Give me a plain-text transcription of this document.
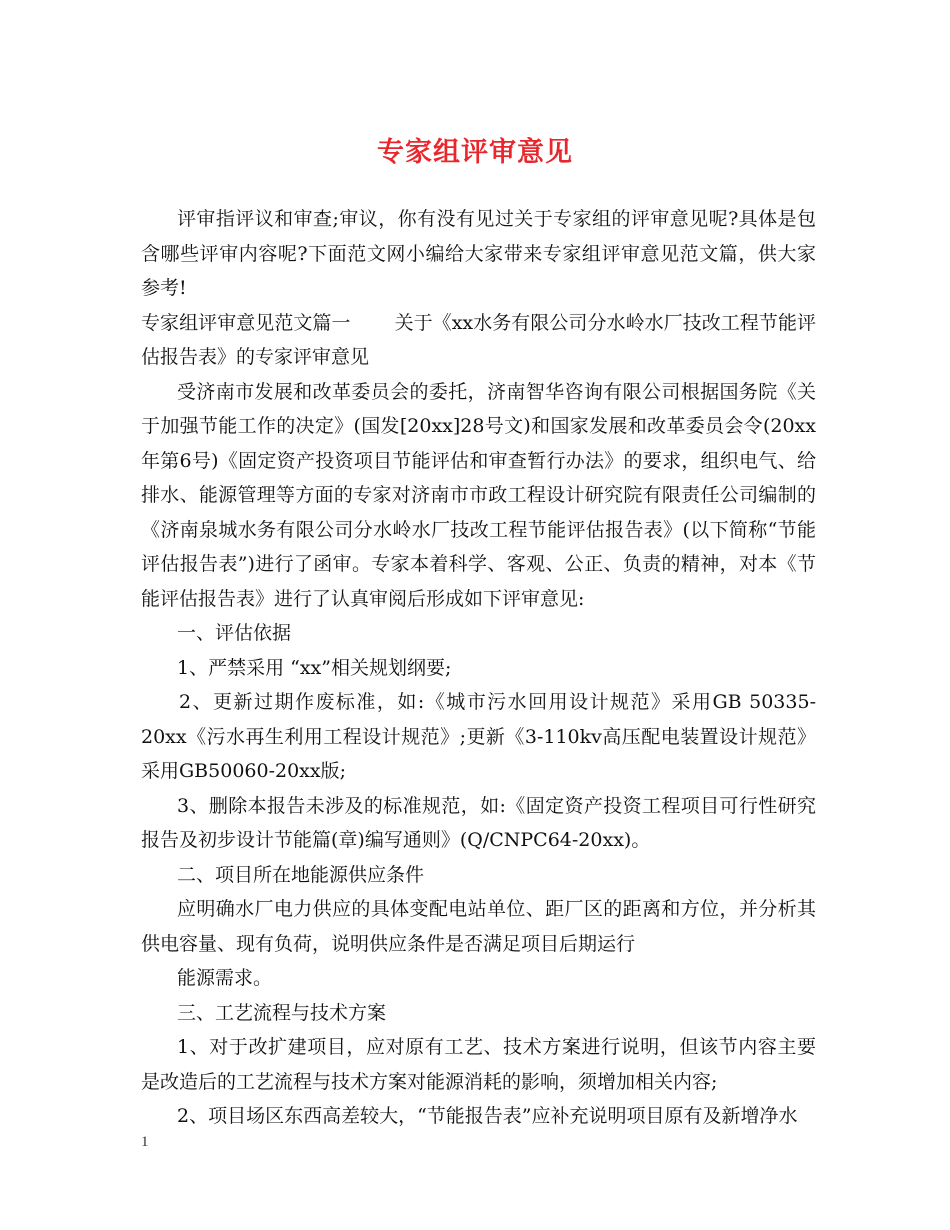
专家组评审意见

评审指评议和审查;审议，你有没有见过关于专家组的评审意见呢?具体是包含哪些评审内容呢?下面范文网小编给大家带来专家组评审意见范文篇，供大家参考!

专家组评审意见范文篇一 关于《xx水务有限公司分水岭水厂技改工程节能评估报告表》的专家评审意见

受济南市发展和改革委员会的委托，济南智华咨询有限公司根据国务院《关于加强节能工作的决定》(国发[20xx]28号文)和国家发展和改革委员会令(20xx年第6号)《固定资产投资项目节能评估和审查暂行办法》的要求，组织电气、给排水、能源管理等方面的专家对济南市市政工程设计研究院有限责任公司编制的《济南泉城水务有限公司分水岭水厂技改工程节能评估报告表》(以下简称“节能评估报告表”)进行了函审。专家本着科学、客观、公正、负责的精神，对本《节能评估报告表》进行了认真审阅后形成如下评审意见:

一、评估依据

1、严禁采用 “xx”相关规划纲要;

2、更新过期作废标准，如:《城市污水回用设计规范》采用GB 50335-20xx《污水再生利用工程设计规范》;更新《3-110kv高压配电装置设计规范》采用GB50060-20xx版;

3、删除本报告未涉及的标准规范，如:《固定资产投资工程项目可行性研究报告及初步设计节能篇(章)编写通则》(Q/CNPC64-20xx)。

二、项目所在地能源供应条件

应明确水厂电力供应的具体变配电站单位、距厂区的距离和方位，并分析其供电容量、现有负荷，说明供应条件是否满足项目后期运行

能源需求。

三、工艺流程与技术方案

1、对于改扩建项目，应对原有工艺、技术方案进行说明，但该节内容主要是改造后的工艺流程与技术方案对能源消耗的影响，须增加相关内容;

2、项目场区东西高差较大，“节能报告表”应补充说明项目原有及新增净水

1
